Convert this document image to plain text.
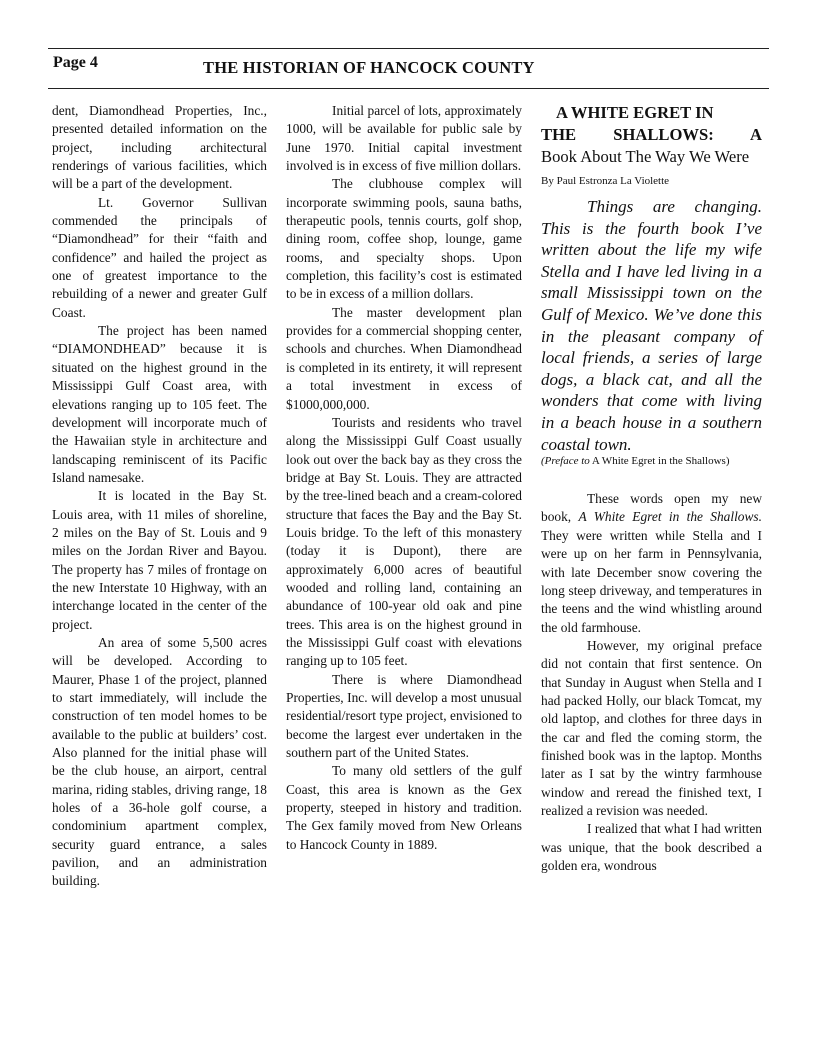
Page 4	THE HISTORIAN OF HANCOCK COUNTY

dent, Diamondhead Properties, Inc., presented detailed information on the project, including architectural renderings of various facilities, which will be a part of the development.

Lt. Governor Sullivan commended the principals of “Diamondhead” for their “faith and confidence” and hailed the project as one of greatest importance to the rebuilding of a newer and greater Gulf Coast.

The project has been named “DIAMONDHEAD” because it is situated on the highest ground in the Mississippi Gulf Coast area, with elevations ranging up to 105 feet. The development will incorporate much of the Hawaiian style in architecture and landscaping reminiscent of its Pacific Island namesake.

It is located in the Bay St. Louis area, with 11 miles of shoreline, 2 miles on the Bay of St. Louis and 9 miles on the Jordan River and Bayou. The property has 7 miles of frontage on the new Interstate 10 Highway, with an interchange located in the center of the project.

An area of some 5,500 acres will be developed. According to Maurer, Phase 1 of the project, planned to start immediately, will include the construction of ten model homes to be available to the public at builders’ cost. Also planned for the initial phase will be the club house, an airport, central marina, riding stables, driving range, 18 holes of a 36-hole golf course, a condominium apartment complex, security guard entrance, a sales pavilion, and an administration building.

Initial parcel of lots, approximately 1000, will be available for public sale by June 1970. Initial capital investment involved is in excess of five million dollars.

The clubhouse complex will incorporate swimming pools, sauna baths, therapeutic pools, tennis courts, golf shop, dining room, coffee shop, lounge, game rooms, and specialty shops. Upon completion, this facility’s cost is estimated to be in excess of a million dollars.

The master development plan provides for a commercial shopping center, schools and churches. When Diamondhead is completed in its entirety, it will represent a total investment in excess of $1000,000,000.

Tourists and residents who travel along the Mississippi Gulf Coast usually look out over the back bay as they cross the bridge at Bay St. Louis. They are attracted by the tree-lined beach and a cream-colored structure that faces the Bay and the Bay St. Louis bridge. To the left of this monastery (today it is Dupont), there are approximately 6,000 acres of beautiful wooded and rolling land, containing an abundance of 100-year old oak and pine trees. This area is on the highest ground in the Mississippi Gulf coast with elevations ranging up to 105 feet.

There is where Diamondhead Properties, Inc. will develop a most unusual residential/resort type project, envisioned to become the largest ever undertaken in the southern part of the United States.

To many old settlers of the gulf Coast, this area is known as the Gex property, steeped in history and tradition. The Gex family moved from New Orleans to Hancock County in 1889.

A WHITE EGRET IN
THE SHALLOWS: A
Book About The Way We Were
By Paul Estronza La Violette

Things are changing. This is the fourth book I’ve written about the life my wife Stella and I have led living in a small Mississippi town on the Gulf of Mexico. We’ve done this in the pleasant company of local friends, a series of large dogs, a black cat, and all the wonders that come with living in a beach house in a southern coastal town.

(Preface to A White Egret in the Shallows)

These words open my new book, A White Egret in the Shallows. They were written while Stella and I were up on her farm in Pennsylvania, with late December snow covering the long steep driveway, and temperatures in the teens and the wind whistling around the old farmhouse.

However, my original preface did not contain that first sentence. On that Sunday in August when Stella and I had packed Holly, our black Tomcat, my old laptop, and clothes for three days in the car and fled the coming storm, the finished book was in the laptop. Months later as I sat by the wintry farmhouse window and reread the finished text, I realized a revision was needed.

I realized that what I had written was unique, that the book described a golden era, wondrous
